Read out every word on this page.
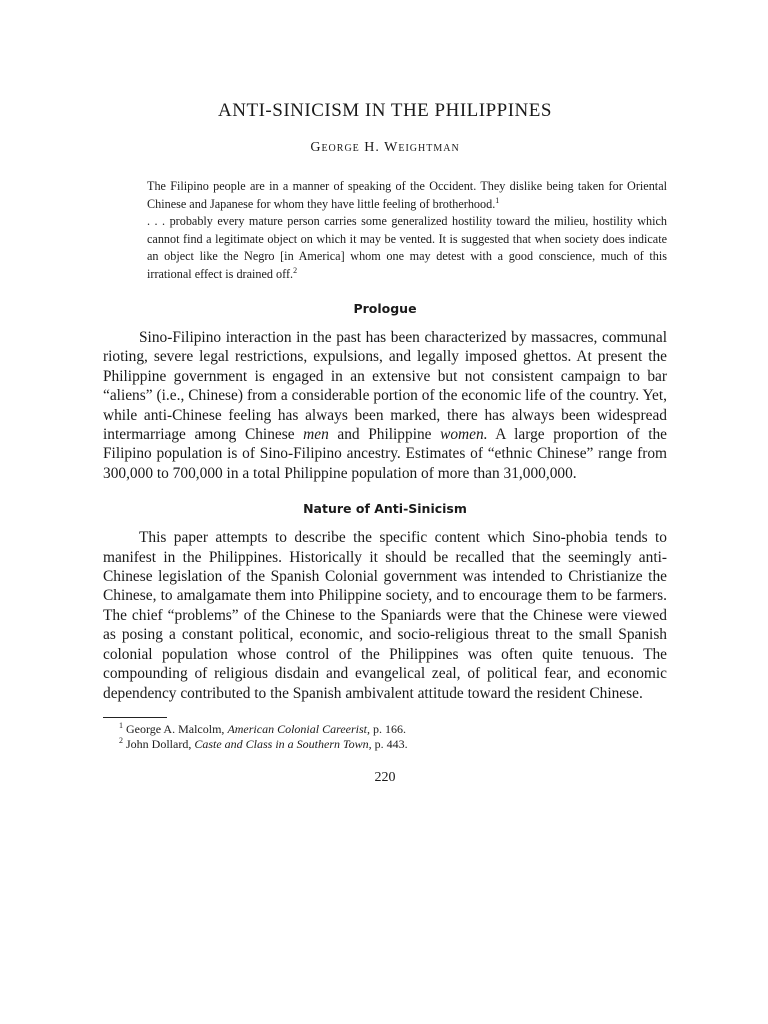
ANTI-SINICISM IN THE PHILIPPINES
George H. Weightman

The Filipino people are in a manner of speaking of the Occident. They dislike being taken for Oriental Chinese and Japanese for whom they have little feeling of brotherhood.$^1$

. . . probably every mature person carries some generalized hostility toward the milieu, hostility which cannot find a legitimate object on which it may be vented. It is suggested that when society does indicate an object like the Negro [in America] whom one may detest with a good conscience, much of this irrational effect is drained off.$^2$

Prologue

Sino-Filipino interaction in the past has been characterized by massacres, communal rioting, severe legal restrictions, expulsions, and legally imposed ghettos. At present the Philippine government is engaged in an extensive but not consistent campaign to bar “aliens” (i.e., Chinese) from a considerable portion of the economic life of the country. Yet, while anti-Chinese feeling has always been marked, there has always been widespread intermarriage among Chinese men and Philippine women. A large proportion of the Filipino population is of Sino-Filipino ancestry. Estimates of “ethnic Chinese” range from 300,000 to 700,000 in a total Philippine population of more than 31,000,000.

Nature of Anti-Sinicism

This paper attempts to describe the specific content which Sino-phobia tends to manifest in the Philippines. Historically it should be recalled that the seemingly anti-Chinese legislation of the Spanish Colonial government was intended to Christianize the Chinese, to amalgamate them into Philippine society, and to encourage them to be farmers. The chief “problems” of the Chinese to the Spaniards were that the Chinese were viewed as posing a constant political, economic, and socio-religious threat to the small Spanish colonial population whose control of the Philippines was often quite tenuous. The compounding of religious disdain and evangelical zeal, of political fear, and economic dependency contributed to the Spanish ambivalent attitude toward the resident Chinese.

$^1$ George A. Malcolm, American Colonial Careerist, p. 166.
$^2$ John Dollard, Caste and Class in a Southern Town, p. 443.
220
